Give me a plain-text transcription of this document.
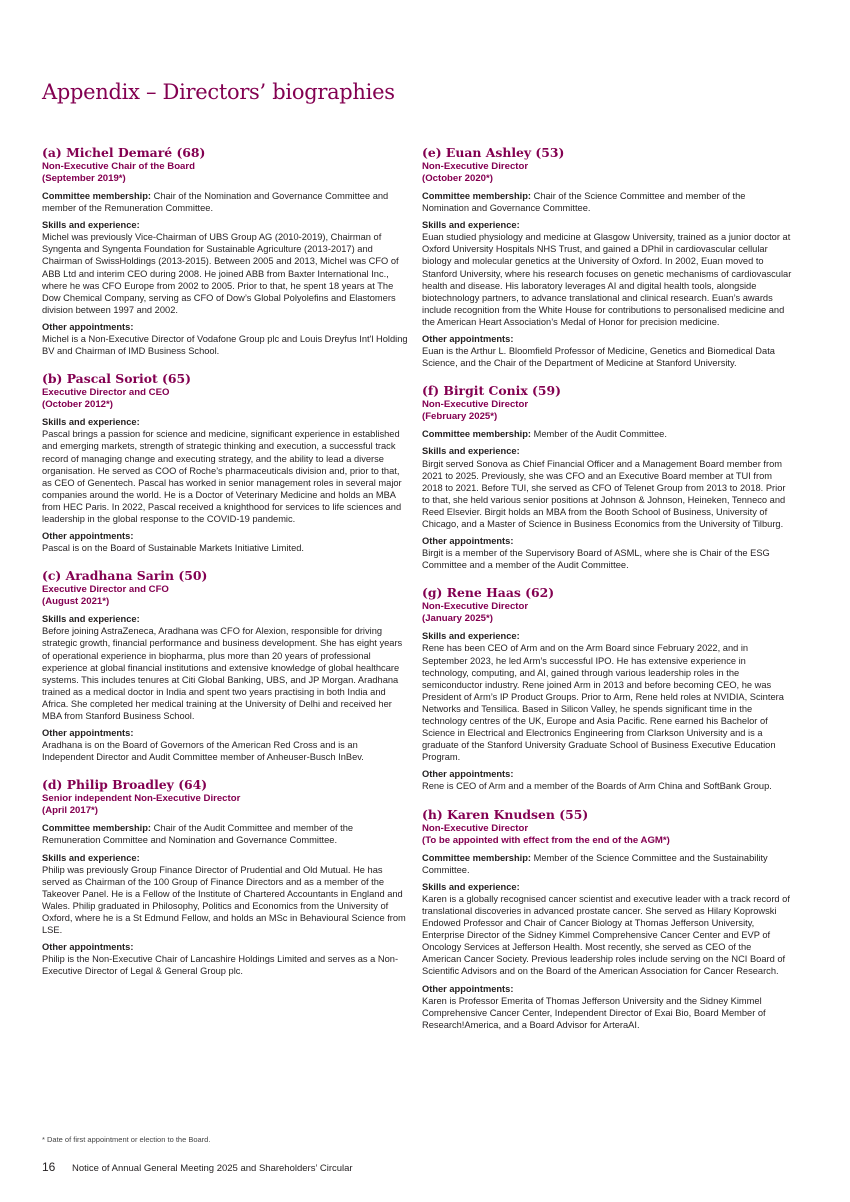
Appendix – Directors’ biographies
(a) Michel Demaré (68)
Non-Executive Chair of the Board
(September 2019*)

Committee membership: Chair of the Nomination and Governance Committee and member of the Remuneration Committee.

Skills and experience:

Michel was previously Vice-Chairman of UBS Group AG (2010-2019), Chairman of Syngenta and Syngenta Foundation for Sustainable Agriculture (2013-2017) and Chairman of SwissHoldings (2013-2015). Between 2005 and 2013, Michel was CFO of ABB Ltd and interim CEO during 2008. He joined ABB from Baxter International Inc., where he was CFO Europe from 2002 to 2005. Prior to that, he spent 18 years at The Dow Chemical Company, serving as CFO of Dow’s Global Polyolefins and Elastomers division between 1997 and 2002.

Other appointments:

Michel is a Non-Executive Director of Vodafone Group plc and Louis Dreyfus Int'l Holding BV and Chairman of IMD Business School.

(b) Pascal Soriot (65)
Executive Director and CEO
(October 2012*)

Skills and experience:

Pascal brings a passion for science and medicine, significant experience in established and emerging markets, strength of strategic thinking and execution, a successful track record of managing change and executing strategy, and the ability to lead a diverse organisation. He served as COO of Roche’s pharmaceuticals division and, prior to that, as CEO of Genentech. Pascal has worked in senior management roles in several major companies around the world. He is a Doctor of Veterinary Medicine and holds an MBA from HEC Paris. In 2022, Pascal received a knighthood for services to life sciences and leadership in the global response to the COVID-19 pandemic.

Other appointments:

Pascal is on the Board of Sustainable Markets Initiative Limited.

(c) Aradhana Sarin (50)
Executive Director and CFO
(August 2021*)

Skills and experience:

Before joining AstraZeneca, Aradhana was CFO for Alexion, responsible for driving strategic growth, financial performance and business development. She has eight years of operational experience in biopharma, plus more than 20 years of professional experience at global financial institutions and extensive knowledge of global healthcare systems. This includes tenures at Citi Global Banking, UBS, and JP Morgan. Aradhana trained as a medical doctor in India and spent two years practising in both India and Africa. She completed her medical training at the University of Delhi and received her MBA from Stanford Business School.

Other appointments:

Aradhana is on the Board of Governors of the American Red Cross and is an Independent Director and Audit Committee member of Anheuser-Busch InBev.

(d) Philip Broadley (64)
Senior independent Non-Executive Director
(April 2017*)

Committee membership: Chair of the Audit Committee and member of the Remuneration Committee and Nomination and Governance Committee.

Skills and experience:

Philip was previously Group Finance Director of Prudential and Old Mutual. He has served as Chairman of the 100 Group of Finance Directors and as a member of the Takeover Panel. He is a Fellow of the Institute of Chartered Accountants in England and Wales. Philip graduated in Philosophy, Politics and Economics from the University of Oxford, where he is a St Edmund Fellow, and holds an MSc in Behavioural Science from LSE.

Other appointments:

Philip is the Non-Executive Chair of Lancashire Holdings Limited and serves as a Non-Executive Director of Legal & General Group plc.

(e) Euan Ashley (53)
Non-Executive Director
(October 2020*)

Committee membership: Chair of the Science Committee and member of the Nomination and Governance Committee.

Skills and experience:

Euan studied physiology and medicine at Glasgow University, trained as a junior doctor at Oxford University Hospitals NHS Trust, and gained a DPhil in cardiovascular cellular biology and molecular genetics at the University of Oxford. In 2002, Euan moved to Stanford University, where his research focuses on genetic mechanisms of cardiovascular health and disease. His laboratory leverages AI and digital health tools, alongside biotechnology partners, to advance translational and clinical research. Euan’s awards include recognition from the White House for contributions to personalised medicine and the American Heart Association’s Medal of Honor for precision medicine.

Other appointments:

Euan is the Arthur L. Bloomfield Professor of Medicine, Genetics and Biomedical Data Science, and the Chair of the Department of Medicine at Stanford University.

(f) Birgit Conix (59)
Non-Executive Director
(February 2025*)

Committee membership: Member of the Audit Committee.

Skills and experience:

Birgit served Sonova as Chief Financial Officer and a Management Board member from 2021 to 2025. Previously, she was CFO and an Executive Board member at TUI from 2018 to 2021. Before TUI, she served as CFO of Telenet Group from 2013 to 2018. Prior to that, she held various senior positions at Johnson & Johnson, Heineken, Tenneco and Reed Elsevier. Birgit holds an MBA from the Booth School of Business, University of Chicago, and a Master of Science in Business Economics from the University of Tilburg.

Other appointments:

Birgit is a member of the Supervisory Board of ASML, where she is Chair of the ESG Committee and a member of the Audit Committee.

(g) Rene Haas (62)
Non-Executive Director
(January 2025*)

Skills and experience:

Rene has been CEO of Arm and on the Arm Board since February 2022, and in September 2023, he led Arm’s successful IPO. He has extensive experience in technology, computing, and AI, gained through various leadership roles in the semiconductor industry. Rene joined Arm in 2013 and before becoming CEO, he was President of Arm’s IP Product Groups. Prior to Arm, Rene held roles at NVIDIA, Scintera Networks and Tensilica. Based in Silicon Valley, he spends significant time in the technology centres of the UK, Europe and Asia Pacific. Rene earned his Bachelor of Science in Electrical and Electronics Engineering from Clarkson University and is a graduate of the Stanford University Graduate School of Business Executive Education Program.

Other appointments:

Rene is CEO of Arm and a member of the Boards of Arm China and SoftBank Group.

(h) Karen Knudsen (55)
Non-Executive Director
(To be appointed with effect from the end of the AGM*)

Committee membership: Member of the Science Committee and the Sustainability Committee.

Skills and experience:

Karen is a globally recognised cancer scientist and executive leader with a track record of translational discoveries in advanced prostate cancer. She served as Hilary Koprowski Endowed Professor and Chair of Cancer Biology at Thomas Jefferson University, Enterprise Director of the Sidney Kimmel Comprehensive Cancer Center and EVP of Oncology Services at Jefferson Health. Most recently, she served as CEO of the American Cancer Society. Previous leadership roles include serving on the NCI Board of Scientific Advisors and on the Board of the American Association for Cancer Research.

Other appointments:

Karen is Professor Emerita of Thomas Jefferson University and the Sidney Kimmel Comprehensive Cancer Center, Independent Director of Exai Bio, Board Member of Research!America, and a Board Advisor for ArteraAI.

* Date of first appointment or election to the Board.
16 Notice of Annual General Meeting 2025 and Shareholders’ Circular
